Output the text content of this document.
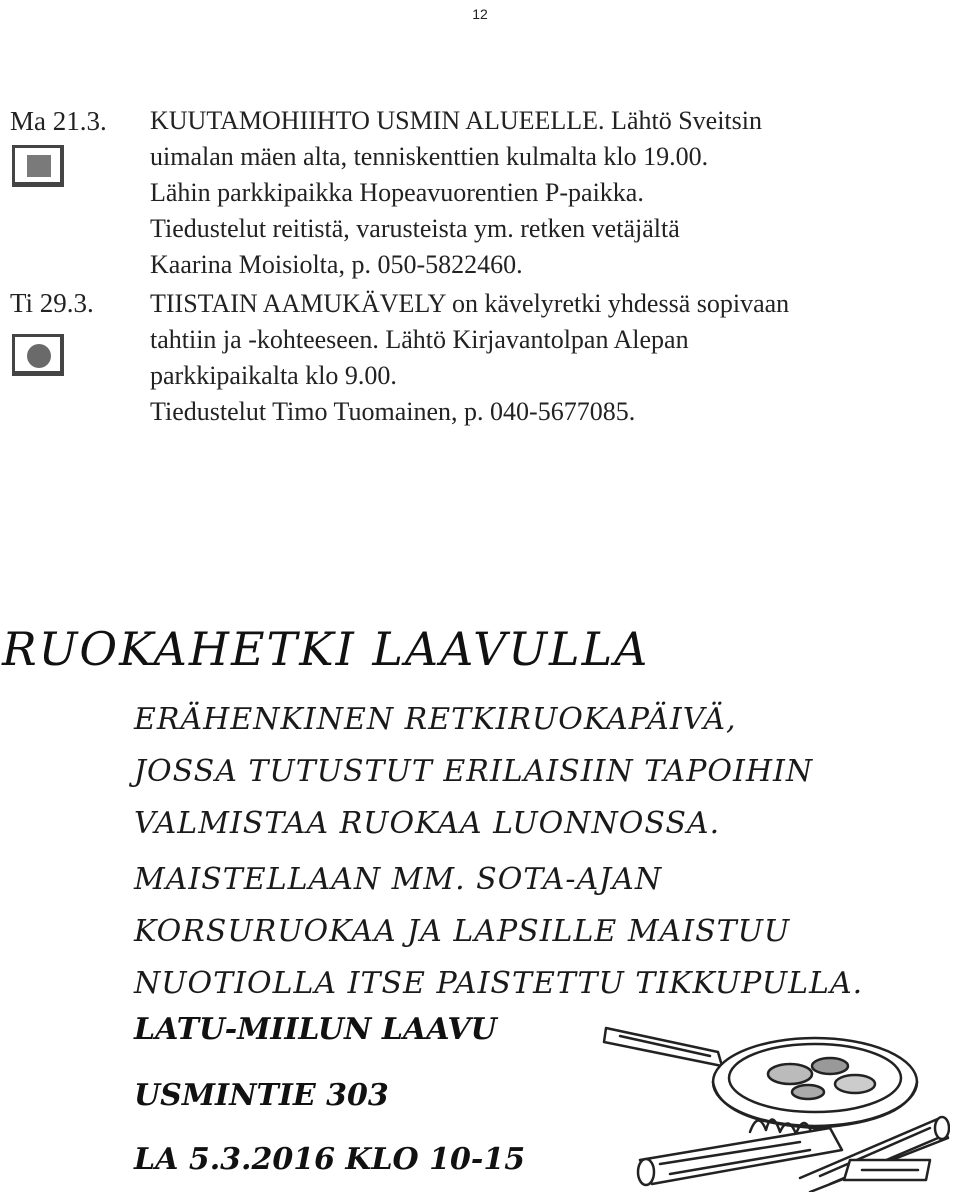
12
Ma 21.3. KUUTAMOHIIHTO USMIN ALUEELLE. Lähtö Sveitsin
uimalan mäen alta, tenniskenttien kulmalta klo 19.00.
Lähin parkkipaikka Hopeavuorentien P-paikka.
Tiedustelut reitistä, varusteista ym. retken vetäjältä
Kaarina Moisiolta, p. 050-5822460.
Ti 29.3. TIISTAIN AAMUKÄVELY on kävelyretki yhdessä sopivaan
tahtiin ja -kohteeseen. Lähtö Kirjavantolpan Alepan
parkkipaikalta klo 9.00.
Tiedustelut Timo Tuomainen, p. 040-5677085.
RUOKAHETKI LAAVULLA
ERÄHENKINEN RETKIRUOKAPÄIVÄ,
JOSSA TUTUSTUT ERILAISIIN TAPOIHIN
VALMISTAA RUOKAA LUONNOSSA.
MAISTELLAAN MM. SOTA-AJAN
KORSURUOKAA JA LAPSILLE MAISTUU
NUOTIOLLA ITSE PAISTETTU TIKKUPULLA.
LATU-MIILUN LAAVU
USMINTIE 303
LA 5.3.2016 KLO 10-15
